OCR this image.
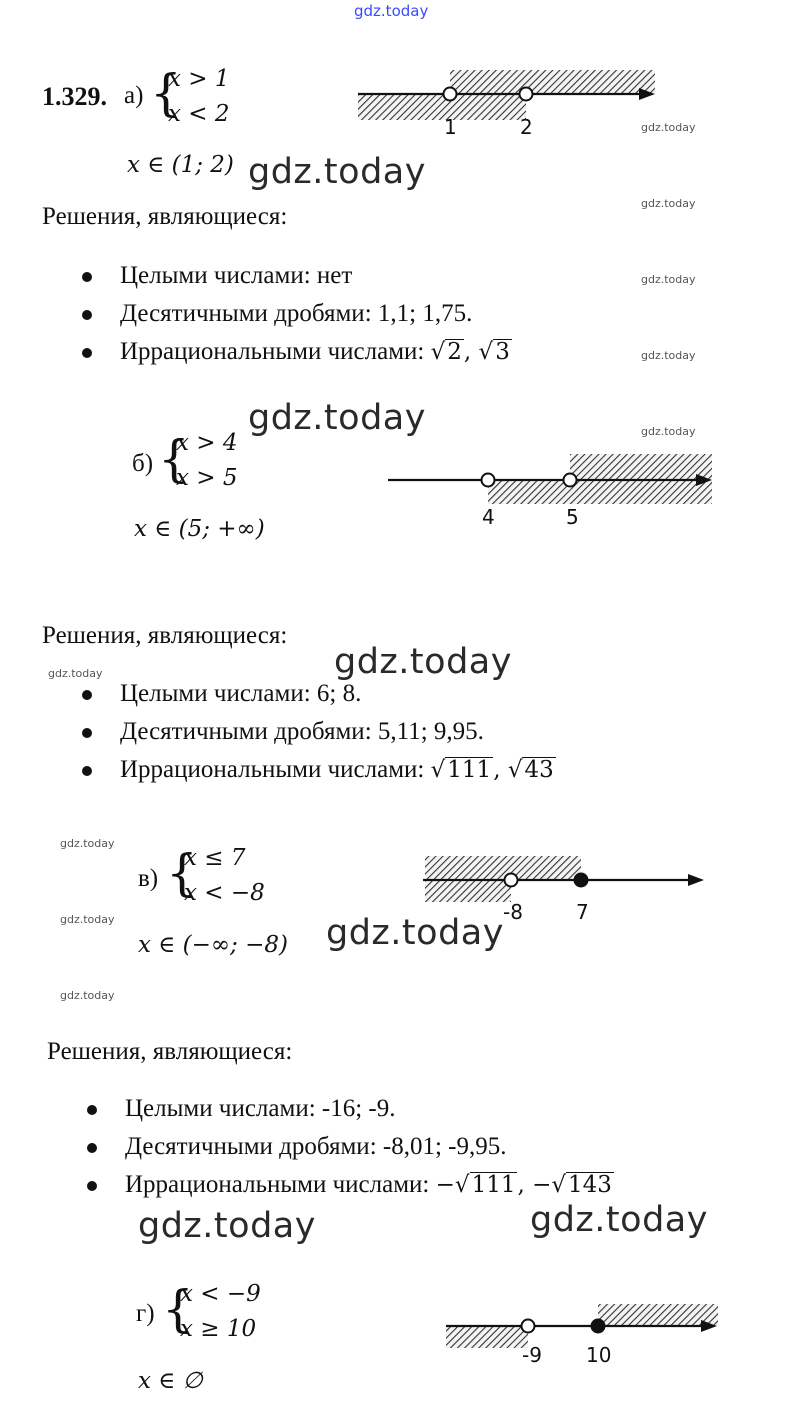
gdz.today
1.329. а) {
x > 1
x < 2	1	2
x ∈ (1; 2) gdz.today
Решения, являющиеся:
Целыми числами: нет
Десятичными дробями: 1,1; 1,75.
Иррациональными числами: √2, √3
gdz.today
gdz.today
gdz.today
gdz.today
gdz.today
gdz.today
б) {
x > 4
x > 5
4	5
x ∈ (5; +∞)
Решения, являющиеся:
gdz.today
gdz.today
Целыми числами: 6; 8.
Десятичными дробями: 5,11; 9,95.
Иррациональными числами: √111, √43
gdz.today
gdz.today
gdz.today
в) {
x ≤ 7
x < −8
-8	7
x ∈ (−∞; −8) gdz.today
Решения, являющиеся:
Целыми числами: -16; -9.
Десятичными дробями: -8,01; -9,95.
Иррациональными числами: −√111, −√143
gdz.today	gdz.today
г) {
x < −9
x ≥ 10
-9 10
x ∈ ∅
